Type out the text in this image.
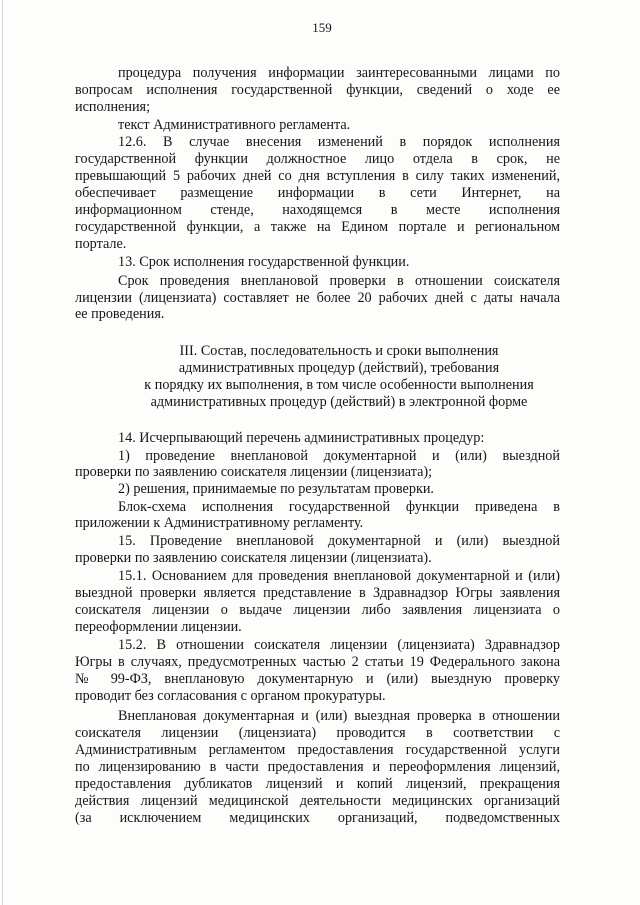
159
процедура получения информации заинтересованными лицами по
вопросам исполнения государственной функции, сведений о ходе ее
исполнения;
текст Административного регламента.
12.6. В случае внесения изменений в порядок исполнения
государственной функции должностное лицо отдела в срок, не
превышающий 5 рабочих дней со дня вступления в силу таких изменений,
обеспечивает размещение информации в сети Интернет, на
информационном стенде, находящемся в месте исполнения
государственной функции, а также на Едином портале и региональном
портале.
13. Срок исполнения государственной функции.
Срок проведения внеплановой проверки в отношении соискателя
лицензии (лицензиата) составляет не более 20 рабочих дней с даты начала
ее проведения.
III. Состав, последовательность и сроки выполнения
административных процедур (действий), требования
к порядку их выполнения, в том числе особенности выполнения
административных процедур (действий) в электронной форме
14. Исчерпывающий перечень административных процедур:
1) проведение внеплановой документарной и (или) выездной
проверки по заявлению соискателя лицензии (лицензиата);
2) решения, принимаемые по результатам проверки.
Блок-схема исполнения государственной функции приведена в
приложении к Административному регламенту.
15. Проведение внеплановой документарной и (или) выездной
проверки по заявлению соискателя лицензии (лицензиата).
15.1. Основанием для проведения внеплановой документарной и (или)
выездной проверки является представление в Здравнадзор Югры заявления
соискателя лицензии о выдаче лицензии либо заявления лицензиата о
переоформлении лицензии.
15.2. В отношении соискателя лицензии (лицензиата) Здравнадзор
Югры в случаях, предусмотренных частью 2 статьи 19 Федерального закона
№ 99-ФЗ, внеплановую документарную и (или) выездную проверку
проводит без согласования с органом прокуратуры.
Внеплановая документарная и (или) выездная проверка в отношении
соискателя лицензии (лицензиата) проводится в соответствии с
Административным регламентом предоставления государственной услуги
по лицензированию в части предоставления и переоформления лицензий,
предоставления дубликатов лицензий и копий лицензий, прекращения
действия лицензий медицинской деятельности медицинских организаций
(за исключением медицинских организаций, подведомственных
